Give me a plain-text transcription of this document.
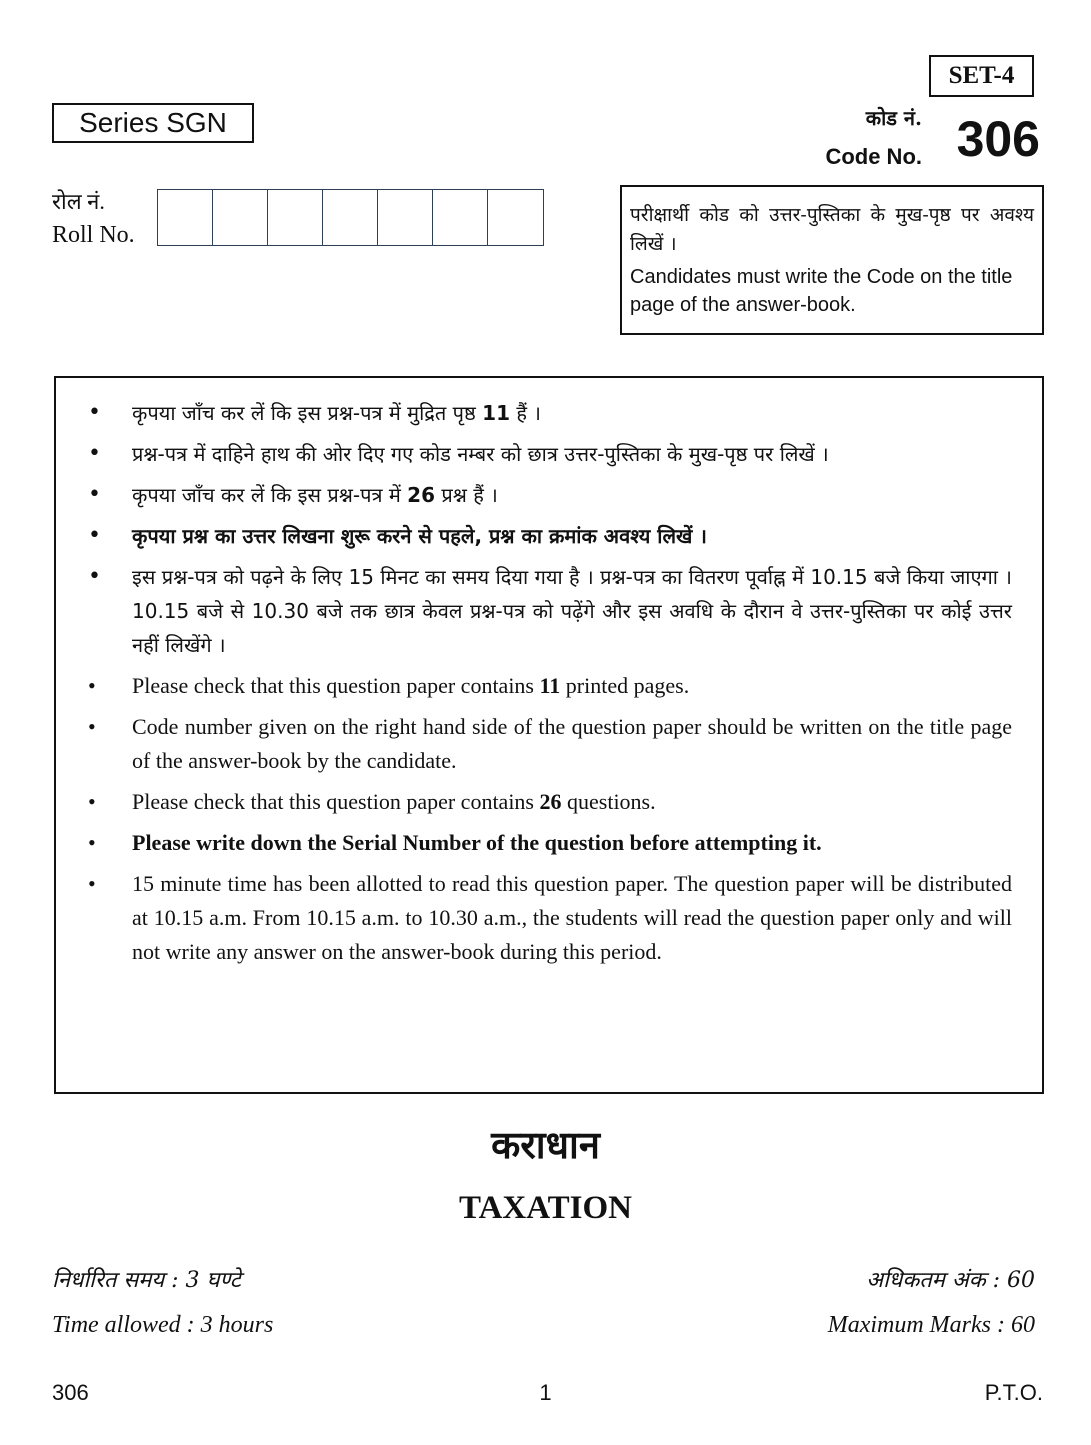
SET-4
Series SGN	कोड नं.
Code No. 306
रोल नं.
Roll No.
परीक्षार्थी कोड को उत्तर-पुस्तिका के मुख-पृष्ठ पर अवश्य लिखें ।
Candidates must write the Code on the title page of the answer-book.
• कृपया जाँच कर लें कि इस प्रश्न-पत्र में मुद्रित पृष्ठ 11 हैं ।
• प्रश्न-पत्र में दाहिने हाथ की ओर दिए गए कोड नम्बर को छात्र उत्तर-पुस्तिका के मुख-पृष्ठ पर लिखें ।
• कृपया जाँच कर लें कि इस प्रश्न-पत्र में 26 प्रश्न हैं ।
• कृपया प्रश्न का उत्तर लिखना शुरू करने से पहले, प्रश्न का क्रमांक अवश्य लिखें ।
• इस प्रश्न-पत्र को पढ़ने के लिए 15 मिनट का समय दिया गया है । प्रश्न-पत्र का वितरण पूर्वाह्न में 10.15 बजे किया जाएगा । 10.15 बजे से 10.30 बजे तक छात्र केवल प्रश्न-पत्र को पढ़ेंगे और इस अवधि के दौरान वे उत्तर-पुस्तिका पर कोई उत्तर नहीं लिखेंगे ।
• Please check that this question paper contains 11 printed pages.
• Code number given on the right hand side of the question paper should be written on the title page of the answer-book by the candidate.
• Please check that this question paper contains 26 questions.
• Please write down the Serial Number of the question before attempting it.
• 15 minute time has been allotted to read this question paper. The question paper will be distributed at 10.15 a.m. From 10.15 a.m. to 10.30 a.m., the students will read the question paper only and will not write any answer on the answer-book during this period.
कराधान
TAXATION
निर्धारित समय : 3 घण्टे	अधिकतम अंक : 60
Time allowed : 3 hours	Maximum Marks : 60
306	1	P.T.O.
